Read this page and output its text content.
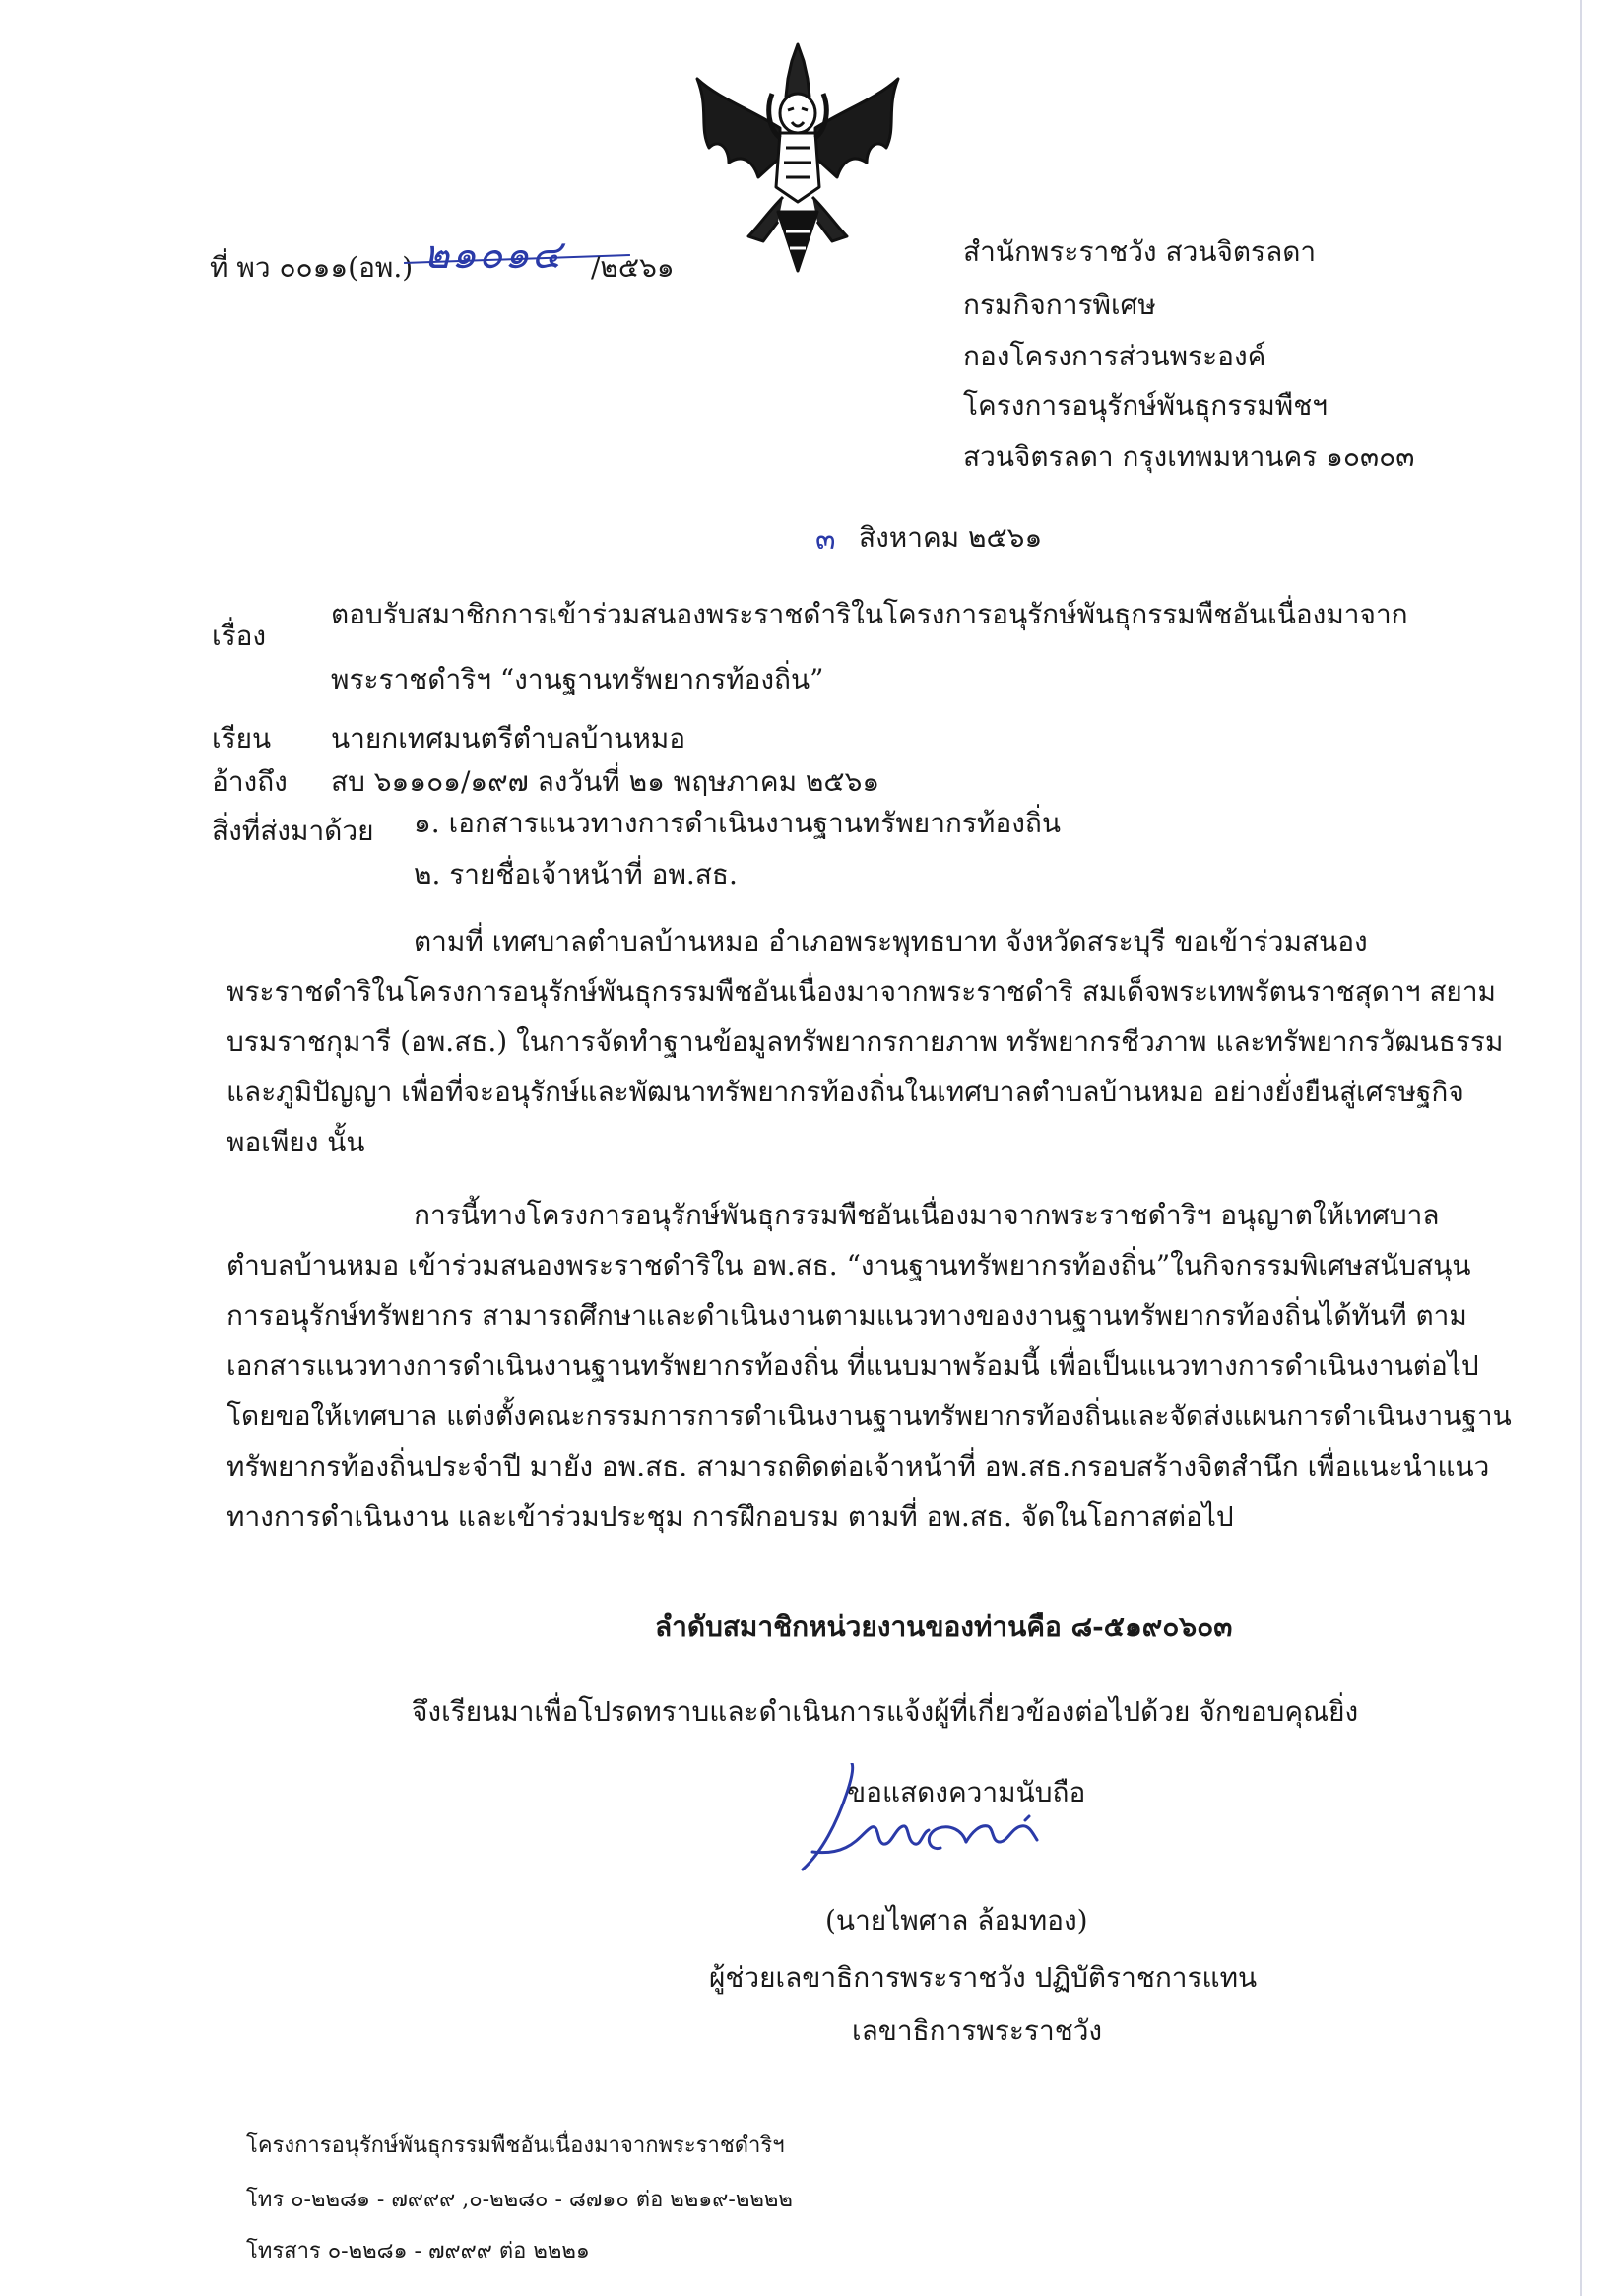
ที่ พว ๐๐๑๑(อพ.) ๒๑๐๑๔ /๒๕๖๑	สำนักพระราชวัง สวนจิตรลดา
กรมกิจการพิเศษ
กองโครงการส่วนพระองค์
โครงการอนุรักษ์พันธุกรรมพืชฯ
สวนจิตรลดา กรุงเทพมหานคร ๑๐๓๐๓
๓ สิงหาคม ๒๕๖๑
เรื่อง
ตอบรับสมาชิกการเข้าร่วมสนองพระราชดำริในโครงการอนุรักษ์พันธุกรรมพืชอันเนื่องมาจาก
พระราชดำริฯ “งานฐานทรัพยากรท้องถิ่น”
เรียน นายกเทศมนตรีตำบลบ้านหมอ
อ้างถึง สบ ๖๑๑๐๑/๑๙๗ ลงวันที่ ๒๑ พฤษภาคม ๒๕๖๑
สิ่งที่ส่งมาด้วย ๑. เอกสารแนวทางการดำเนินงานฐานทรัพยากรท้องถิ่น
๒. รายชื่อเจ้าหน้าที่ อพ.สธ.

ตามที่ เทศบาลตำบลบ้านหมอ อำเภอพระพุทธบาท จังหวัดสระบุรี ขอเข้าร่วมสนอง

พระราชดำริในโครงการอนุรักษ์พันธุกรรมพืชอันเนื่องมาจากพระราชดำริ สมเด็จพระเทพรัตนราชสุดาฯ สยาม

บรมราชกุมารี (อพ.สธ.) ในการจัดทำฐานข้อมูลทรัพยากรกายภาพ ทรัพยากรชีวภาพ และทรัพยากรวัฒนธรรม

และภูมิปัญญา เพื่อที่จะอนุรักษ์และพัฒนาทรัพยากรท้องถิ่นในเทศบาลตำบลบ้านหมอ อย่างยั่งยืนสู่เศรษฐกิจ

พอเพียง นั้น

การนี้ทางโครงการอนุรักษ์พันธุกรรมพืชอันเนื่องมาจากพระราชดำริฯ อนุญาตให้เทศบาล

ตำบลบ้านหมอ เข้าร่วมสนองพระราชดำริใน อพ.สธ. “งานฐานทรัพยากรท้องถิ่น”ในกิจกรรมพิเศษสนับสนุน

การอนุรักษ์ทรัพยากร สามารถศึกษาและดำเนินงานตามแนวทางของงานฐานทรัพยากรท้องถิ่นได้ทันที ตาม

เอกสารแนวทางการดำเนินงานฐานทรัพยากรท้องถิ่น ที่แนบมาพร้อมนี้ เพื่อเป็นแนวทางการดำเนินงานต่อไป

โดยขอให้เทศบาล แต่งตั้งคณะกรรมการการดำเนินงานฐานทรัพยากรท้องถิ่นและจัดส่งแผนการดำเนินงานฐาน

ทรัพยากรท้องถิ่นประจำปี มายัง อพ.สธ. สามารถติดต่อเจ้าหน้าที่ อพ.สธ.กรอบสร้างจิตสำนึก เพื่อแนะนำแนว

ทางการดำเนินงาน และเข้าร่วมประชุม การฝึกอบรม ตามที่ อพ.สธ. จัดในโอกาสต่อไป

ลำดับสมาชิกหน่วยงานของท่านคือ ๘-๕๑๙๐๖๐๓
จึงเรียนมาเพื่อโปรดทราบและดำเนินการแจ้งผู้ที่เกี่ยวข้องต่อไปด้วย จักขอบคุณยิ่ง
ขอแสดงความนับถือ
(นายไพศาล ล้อมทอง)
ผู้ช่วยเลขาธิการพระราชวัง ปฏิบัติราชการแทน
เลขาธิการพระราชวัง
โครงการอนุรักษ์พันธุกรรมพืชอันเนื่องมาจากพระราชดำริฯ
โทร ๐-๒๒๘๑ - ๗๙๙๙ ,๐-๒๒๘๐ - ๘๗๑๐ ต่อ ๒๒๑๙-๒๒๒๒
โทรสาร ๐-๒๒๘๑ - ๗๙๙๙ ต่อ ๒๒๒๑
